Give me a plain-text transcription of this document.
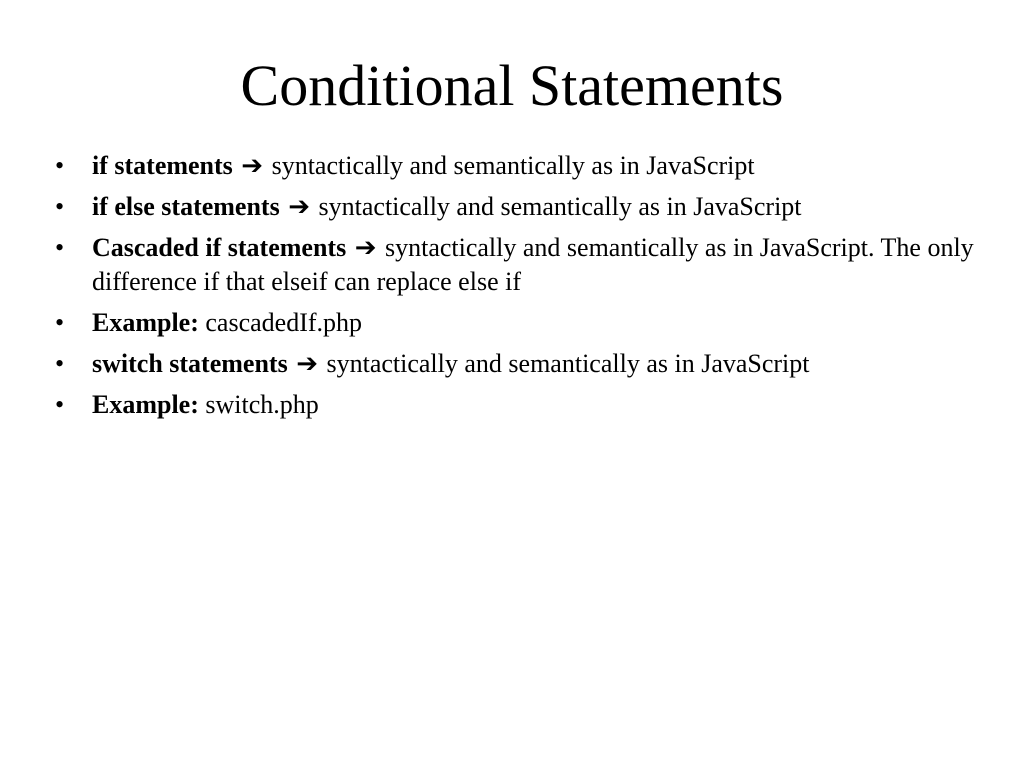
Conditional Statements
•	if statements ➔ syntactically and semantically as in JavaScript
•	if else statements ➔ syntactically and semantically as in JavaScript
•	Cascaded if statements ➔ syntactically and semantically as in JavaScript. The only difference if that elseif can replace else if
•	Example: cascadedIf.php
•	switch statements ➔ syntactically and semantically as in JavaScript
•	Example: switch.php
